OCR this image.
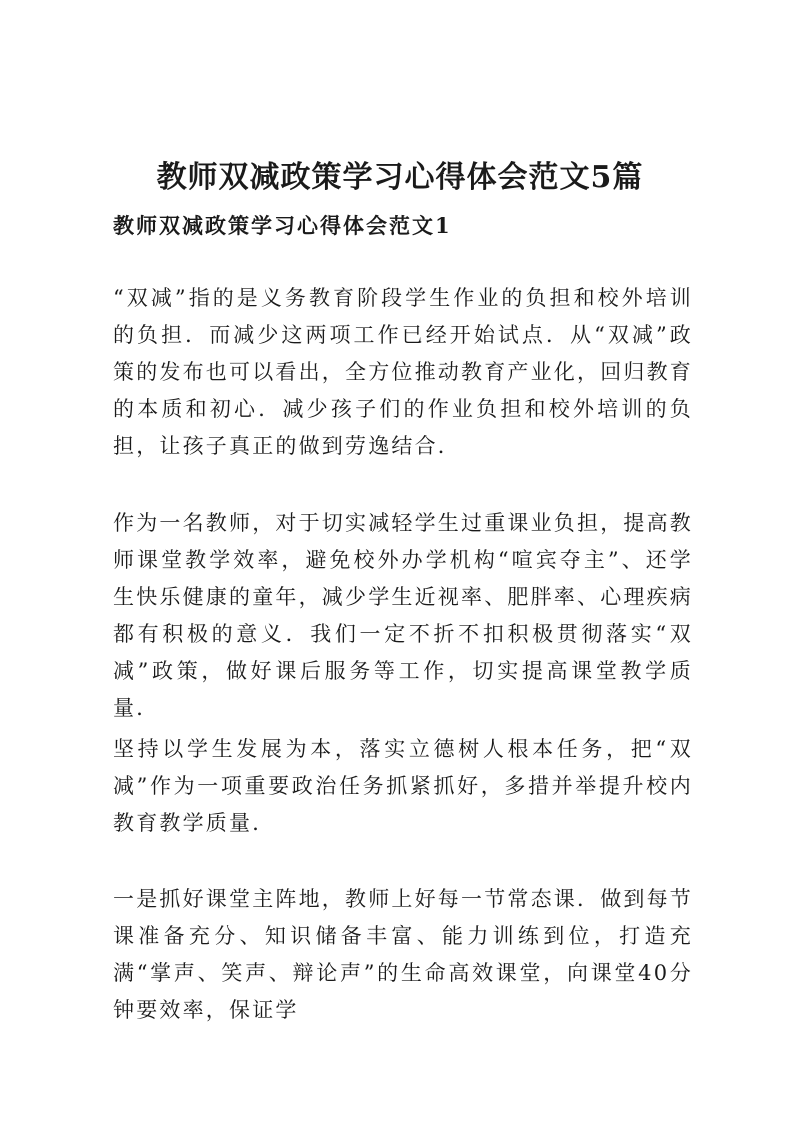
教师双减政策学习心得体会范文5篇
教师双减政策学习心得体会范文1

“双减”指的是义务教育阶段学生作业的负担和校外培训的负担．而减少这两项工作已经开始试点．从“双减”政策的发布也可以看出，全方位推动教育产业化，回归教育的本质和初心．减少孩子们的作业负担和校外培训的负担，让孩子真正的做到劳逸结合．

作为一名教师，对于切实减轻学生过重课业负担，提高教师课堂教学效率，避免校外办学机构“喧宾夺主”、还学生快乐健康的童年，减少学生近视率、肥胖率、心理疾病都有积极的意义．我们一定不折不扣积极贯彻落实“双减”政策，做好课后服务等工作，切实提高课堂教学质量．

坚持以学生发展为本，落实立德树人根本任务，把“双减”作为一项重要政治任务抓紧抓好，多措并举提升校内教育教学质量．

一是抓好课堂主阵地，教师上好每一节常态课．做到每节课准备充分、知识储备丰富、能力训练到位，打造充满“掌声、笑声、辩论声”的生命高效课堂，向课堂40分钟要效率，保证学
